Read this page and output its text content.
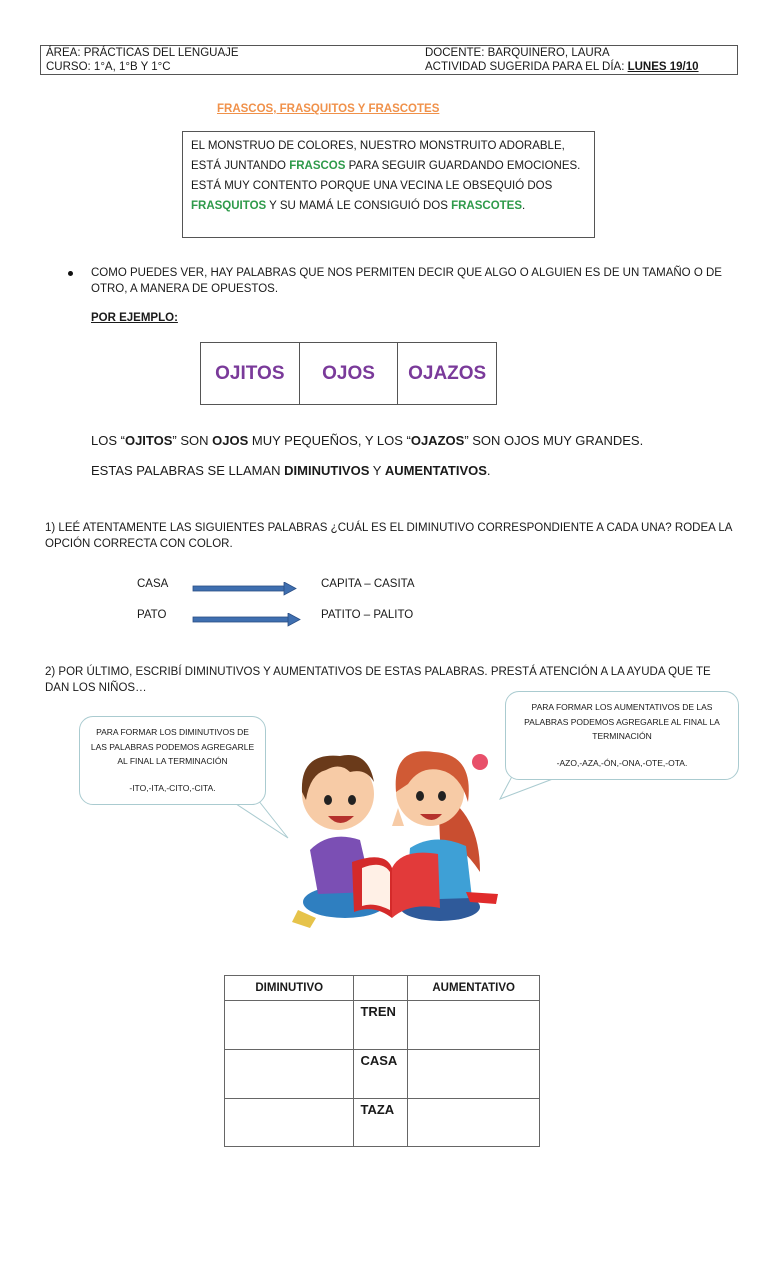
ÁREA: PRÁCTICAS DEL LENGUAJE
CURSO: 1°A, 1°B Y 1°C
DOCENTE: BARQUINERO, LAURA
ACTIVIDAD SUGERIDA PARA EL DÍA: LUNES 19/10
FRASCOS, FRASQUITOS Y FRASCOTES
EL MONSTRUO DE COLORES, NUESTRO MONSTRUITO ADORABLE,
ESTÁ JUNTANDO FRASCOS PARA SEGUIR GUARDANDO EMOCIONES.
ESTÁ MUY CONTENTO PORQUE UNA VECINA LE OBSEQUIÓ DOS
FRASQUITOS Y SU MAMÁ LE CONSIGUIÓ DOS FRASCOTES.
COMO PUEDES VER, HAY PALABRAS QUE NOS PERMITEN DECIR QUE ALGO O ALGUIEN ES DE UN TAMAÑO O DE OTRO, A MANERA DE OPUESTOS.
POR EJEMPLO:
OJITOS	OJOS	OJAZOS
LOS “OJITOS” SON OJOS MUY PEQUEÑOS, Y LOS “OJAZOS” SON OJOS MUY GRANDES.
ESTAS PALABRAS SE LLAMAN DIMINUTIVOS Y AUMENTATIVOS.
1) LEÉ ATENTAMENTE LAS SIGUIENTES PALABRAS ¿CUÁL ES EL DIMINUTIVO CORRESPONDIENTE A CADA UNA? RODEA LA OPCIÓN CORRECTA CON COLOR.
CASA	CAPITA – CASITA
PATO	PATITO – PALITO
2) POR ÚLTIMO, ESCRIBÍ DIMINUTIVOS Y AUMENTATIVOS DE ESTAS PALABRAS. PRESTÁ ATENCIÓN A LA AYUDA QUE TE DAN LOS NIÑOS…
PARA FORMAR LOS DIMINUTIVOS DE
LAS PALABRAS PODEMOS AGREGARLE
AL FINAL LA TERMINACIÓN
-ITO,-ITA,-CITO,-CITA.
PARA FORMAR LOS AUMENTATIVOS DE LAS
PALABRAS PODEMOS AGREGARLE AL FINAL LA
TERMINACIÓN
-AZO,-AZA,-ÓN,-ONA,-OTE,-OTA.
DIMINUTIVO		AUMENTATIVO
	TREN	
	CASA	
	TAZA	
